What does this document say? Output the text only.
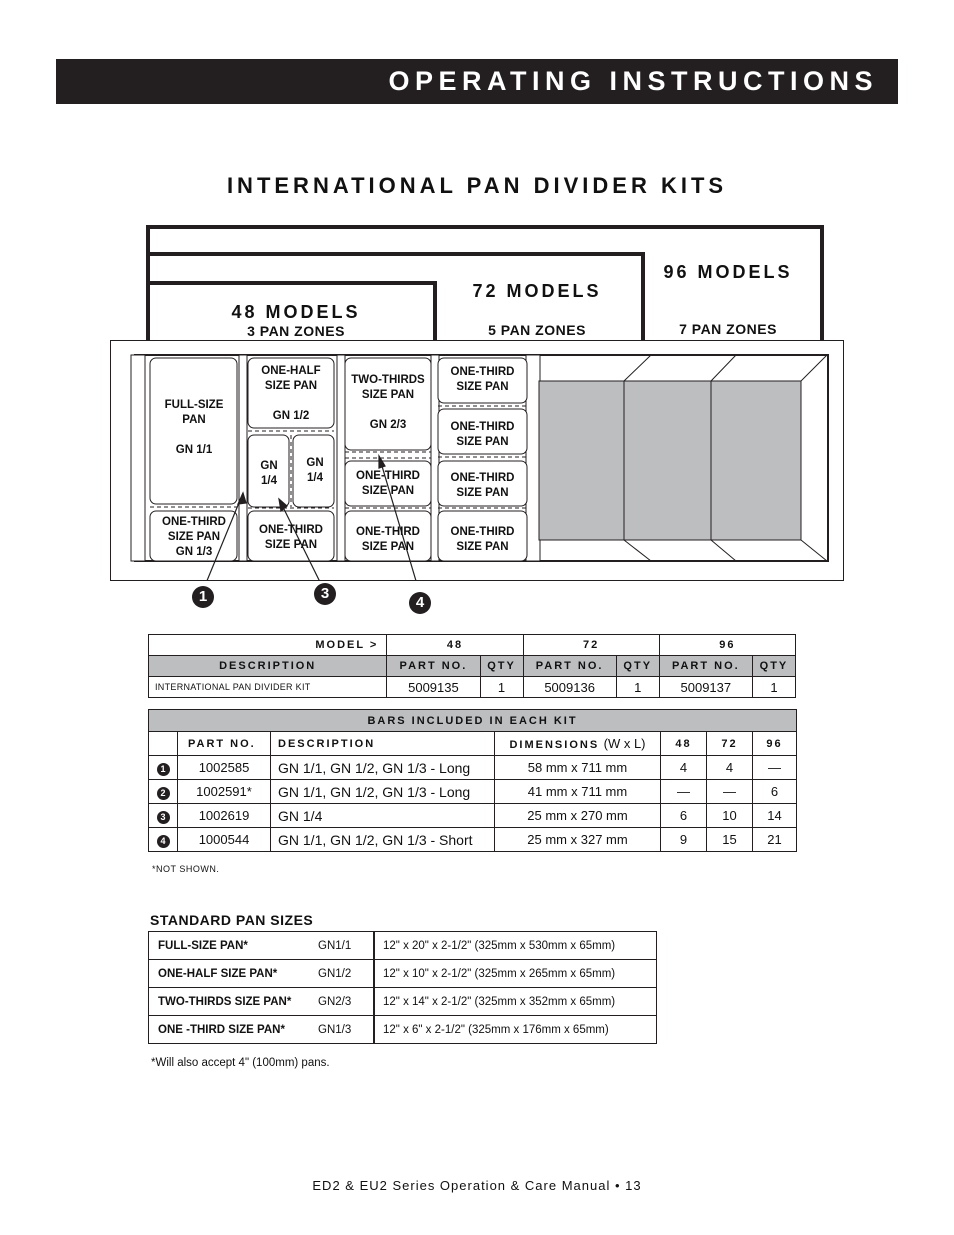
OPERATING INSTRUCTIONS
INTERNATIONAL PAN DIVIDER KITS
96 MODELS
7 PAN ZONES
72 MODELS
5 PAN ZONES
48 MODELS
3 PAN ZONES
FULL-SIZE
PAN

GN 1/1
ONE-THIRD
SIZE PAN
GN 1/3
ONE-HALF
SIZE PAN

GN 1/2
GN
1/4
GN
1/4
ONE-THIRD
SIZE PAN
TWO-THIRDS
SIZE PAN

GN 2/3
ONE-THIRD
SIZE PAN
ONE-THIRD
SIZE PAN
ONE-THIRD
SIZE PAN
ONE-THIRD
SIZE PAN
ONE-THIRD
SIZE PAN
ONE-THIRD
SIZE PAN
1	3
4
MODEL >	48		72		96	
DESCRIPTION	PART NO.	QTY	PART NO.	QTY	PART NO.	QTY
INTERNATIONAL PAN DIVIDER KIT	5009135	1	5009136	1	5009137	1
BARS INCLUDED IN EACH KIT						
	PART NO.	DESCRIPTION	DIMENSIONS (W x L)	48	72	96
1	1002585	GN 1/1, GN 1/2, GN 1/3 - Long	58 mm x 711 mm	4	4	—
2	1002591*	GN 1/1, GN 1/2, GN 1/3 - Long	41 mm x 711 mm	—	—	6
3	1002619	GN 1/4	25 mm x 270 mm	6	10	14
4	1000544	GN 1/1, GN 1/2, GN 1/3 - Short	25 mm x 327 mm	9	15	21
*NOT SHOWN.
STANDARD PAN SIZES
FULL-SIZE PAN*	GN1/1	12" x 20" x 2-1/2" (325mm x 530mm x 65mm)
ONE-HALF SIZE PAN*	GN1/2	12" x 10" x 2-1/2" (325mm x 265mm x 65mm)
TWO-THIRDS SIZE PAN*	GN2/3	12" x 14" x 2-1/2" (325mm x 352mm x 65mm)
ONE -THIRD SIZE PAN*	GN1/3	12" x 6" x 2-1/2" (325mm x 176mm x 65mm)
*Will also accept 4" (100mm) pans.
ED2 & EU2 Series Operation & Care Manual • 13
